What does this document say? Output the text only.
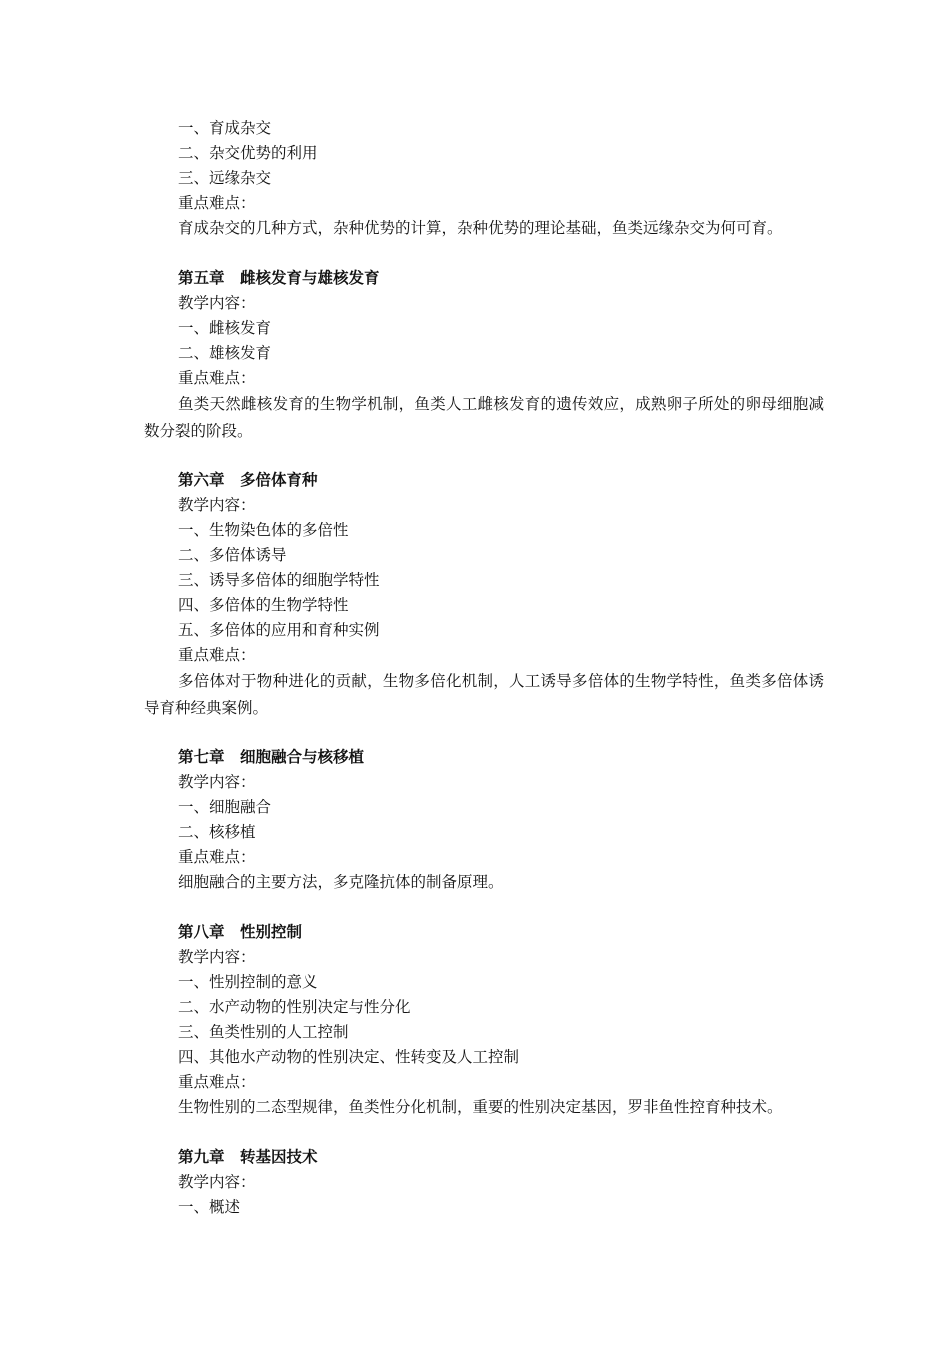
一、育成杂交
二、杂交优势的利用
三、远缘杂交
重点难点：
育成杂交的几种方式，杂种优势的计算，杂种优势的理论基础，鱼类远缘杂交为何可育。
第五章　雌核发育与雄核发育
教学内容：
一、雌核发育
二、雄核发育
重点难点：
鱼类天然雌核发育的生物学机制，鱼类人工雌核发育的遗传效应，成熟卵子所处的卵母细胞减数分裂的阶段。
第六章　多倍体育种
教学内容：
一、生物染色体的多倍性
二、多倍体诱导
三、诱导多倍体的细胞学特性
四、多倍体的生物学特性
五、多倍体的应用和育种实例
重点难点：
多倍体对于物种进化的贡献，生物多倍化机制，人工诱导多倍体的生物学特性，鱼类多倍体诱导育种经典案例。
第七章　细胞融合与核移植
教学内容：
一、细胞融合
二、核移植
重点难点：
细胞融合的主要方法，多克隆抗体的制备原理。
第八章　性别控制
教学内容：
一、性别控制的意义
二、水产动物的性别决定与性分化
三、鱼类性别的人工控制
四、其他水产动物的性别决定、性转变及人工控制
重点难点：
生物性别的二态型规律，鱼类性分化机制，重要的性别决定基因，罗非鱼性控育种技术。
第九章　转基因技术
教学内容：
一、概述
